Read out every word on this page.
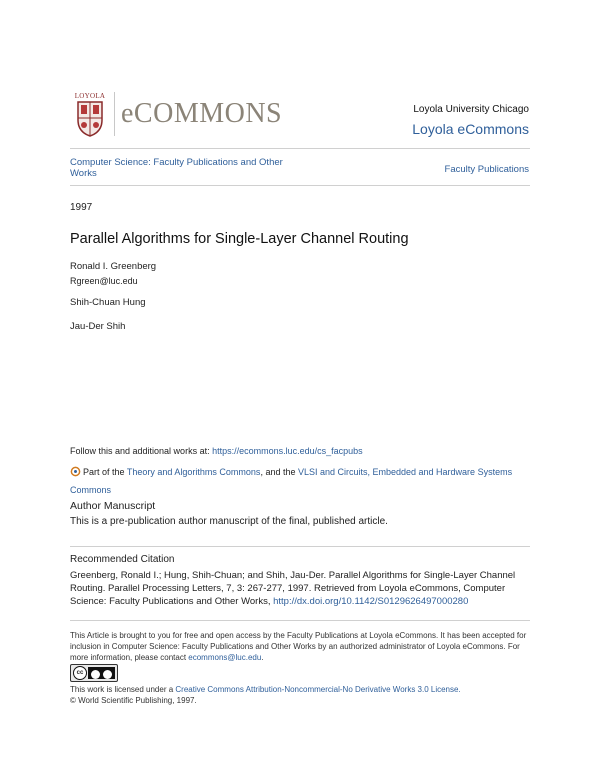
LOYOLA
eCOMMONS	Loyola University Chicago
Loyola eCommons
Computer Science: Faculty Publications and Other Works	Faculty Publications
1997
Parallel Algorithms for Single-Layer Channel Routing
Ronald I. Greenberg
Rgreen@luc.edu
Shih-Chuan Hung
Jau-Der Shih
Follow this and additional works at: https://ecommons.luc.edu/cs_facpubs
Part of the Theory and Algorithms Commons, and the VLSI and Circuits, Embedded and Hardware Systems Commons
Author Manuscript
This is a pre-publication author manuscript of the final, published article.
Recommended Citation
Greenberg, Ronald I.; Hung, Shih-Chuan; and Shih, Jau-Der. Parallel Algorithms for Single-Layer Channel Routing. Parallel Processing Letters, 7, 3: 267-277, 1997. Retrieved from Loyola eCommons, Computer Science: Faculty Publications and Other Works, http://dx.doi.org/10.1142/S0129626497000280
This Article is brought to you for free and open access by the Faculty Publications at Loyola eCommons. It has been accepted for inclusion in Computer Science: Faculty Publications and Other Works by an authorized administrator of Loyola eCommons. For more information, please contact ecommons@luc.edu.
cc
This work is licensed under a Creative Commons Attribution-Noncommercial-No Derivative Works 3.0 License.
© World Scientific Publishing, 1997.
